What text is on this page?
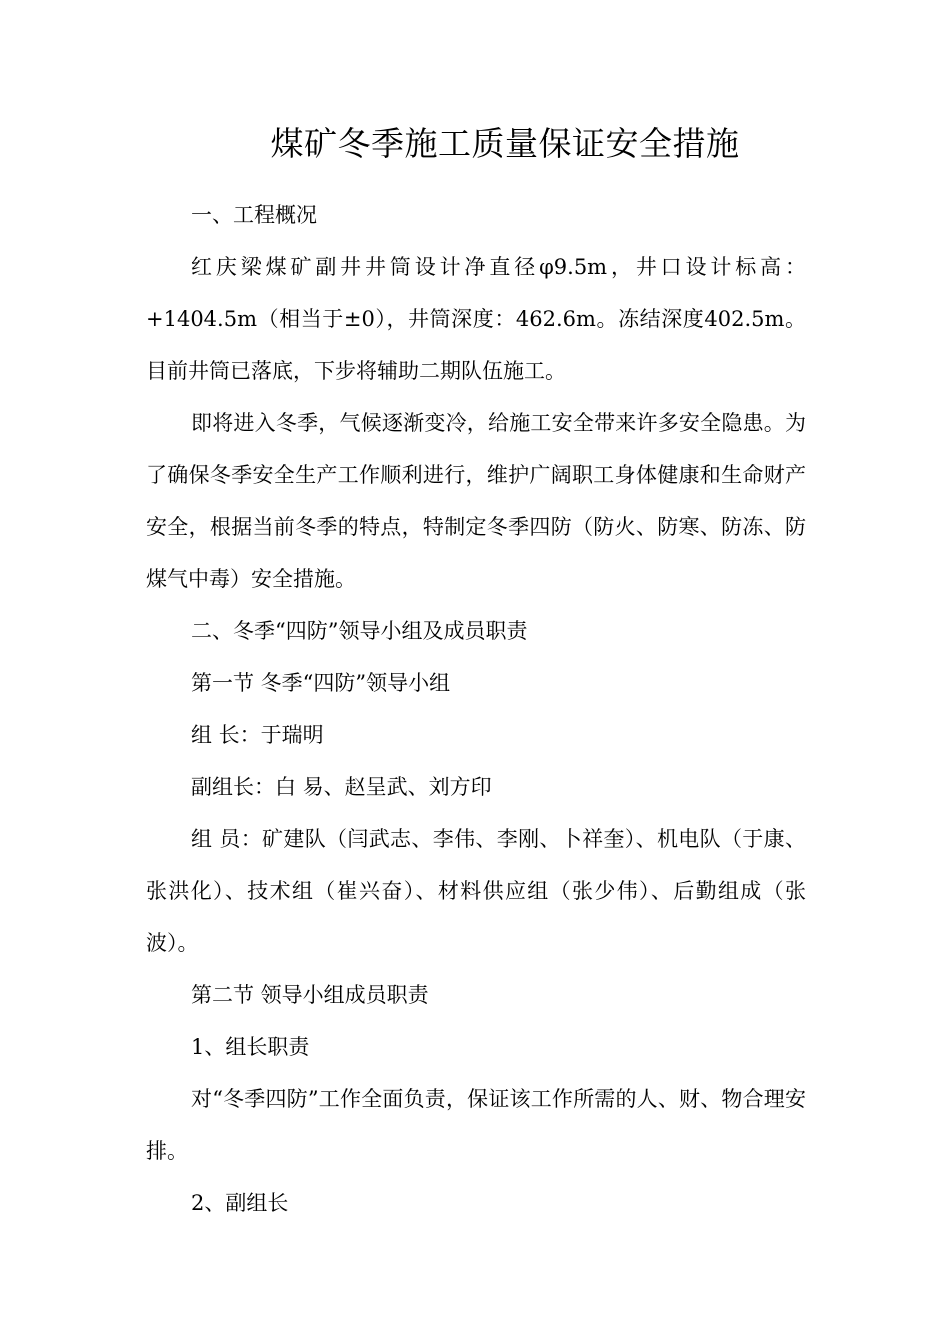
煤矿冬季施工质量保证安全措施

一、工程概况

红庆梁煤矿副井井筒设计净直径φ9.5m，井口设计标高：+1404.5m（相当于±0），井筒深度：462.6m。冻结深度402.5m。目前井筒已落底，下步将辅助二期队伍施工。

即将进入冬季，气候逐渐变冷，给施工安全带来许多安全隐患。为了确保冬季安全生产工作顺利进行，维护广阔职工身体健康和生命财产安全，根据当前冬季的特点，特制定冬季四防（防火、防寒、防冻、防煤气中毒）安全措施。

二、冬季“四防”领导小组及成员职责

第一节 冬季“四防”领导小组

组 长：于瑞明

副组长：白 易、赵呈武、刘方印

组 员：矿建队（闫武志、李伟、李刚、卜祥奎）、机电队（于康、张洪化）、技术组（崔兴奋）、材料供应组（张少伟）、后勤组成（张 波）。

第二节 领导小组成员职责

1、组长职责

对“冬季四防”工作全面负责，保证该工作所需的人、财、物合理安排。

2、副组长
